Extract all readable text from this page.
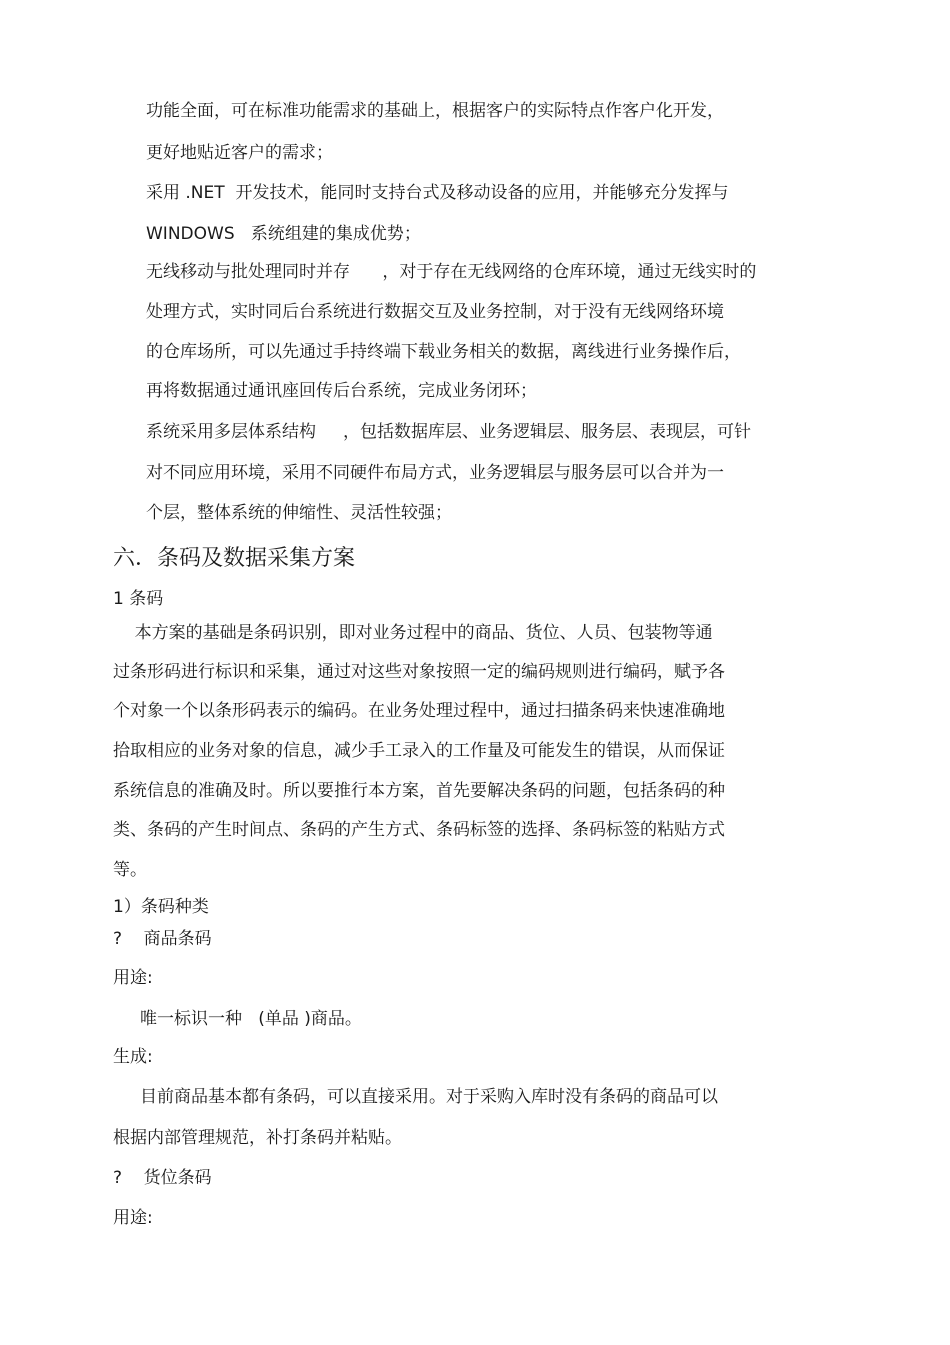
功能全面，可在标准功能需求的基础上，根据客户的实际特点作客户化开发，
更好地贴近客户的需求；
采用 .NET  开发技术，能同时支持台式及移动设备的应用，并能够充分发挥与
WINDOWS   系统组建的集成优势；
无线移动与批处理同时并存      ，对于存在无线网络的仓库环境，通过无线实时的
处理方式，实时同后台系统进行数据交互及业务控制，对于没有无线网络环境
的仓库场所，可以先通过手持终端下载业务相关的数据，离线进行业务操作后，
再将数据通过通讯座回传后台系统，完成业务闭环；
系统采用多层体系结构     ，包括数据库层、业务逻辑层、服务层、表现层，可针
对不同应用环境，采用不同硬件布局方式，业务逻辑层与服务层可以合并为一
个层，整体系统的伸缩性、灵活性较强；
六．条码及数据采集方案
1 条码
本方案的基础是条码识别，即对业务过程中的商品、货位、人员、包装物等通
过条形码进行标识和采集，通过对这些对象按照一定的编码规则进行编码，赋予各
个对象一个以条形码表示的编码。在业务处理过程中，通过扫描条码来快速准确地
拾取相应的业务对象的信息，减少手工录入的工作量及可能发生的错误，从而保证
系统信息的准确及时。所以要推行本方案，首先要解决条码的问题，包括条码的种
类、条码的产生时间点、条码的产生方式、条码标签的选择、条码标签的粘贴方式
等。
1）条码种类
?    商品条码
用途:
唯一标识一种   (单品 )商品。
生成:
目前商品基本都有条码，可以直接采用。对于采购入库时没有条码的商品可以
根据内部管理规范，补打条码并粘贴。
?    货位条码
用途:
